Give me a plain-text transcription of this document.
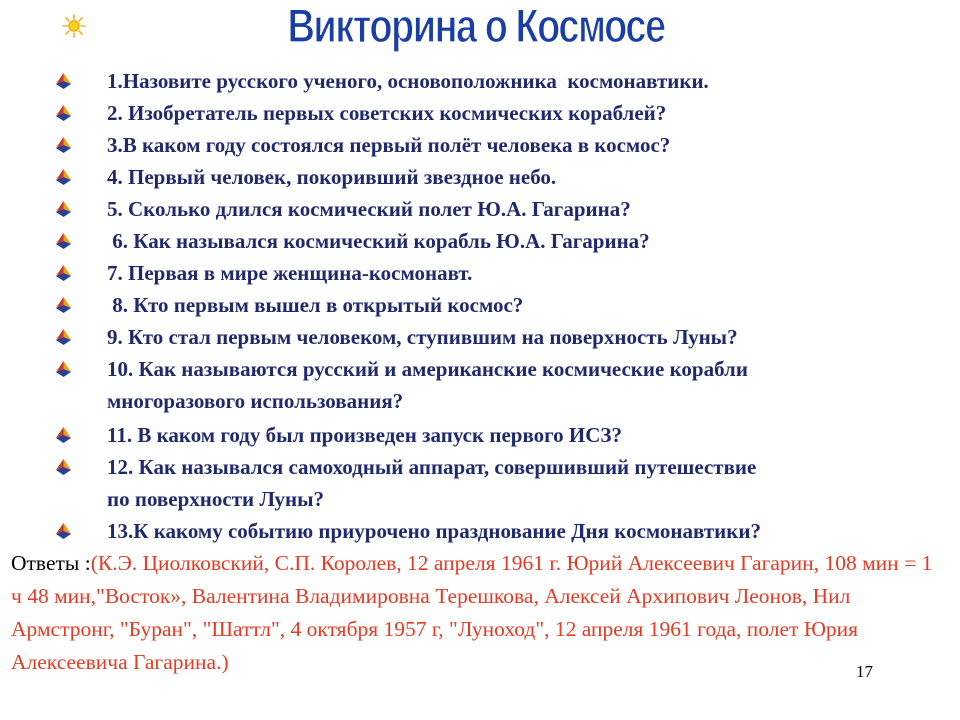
Викторина о Космосе
1.Назовите русского ученого, основоположника  космонавтики.
2. Изобретатель первых советских космических кораблей?
3.В каком году состоялся первый полёт человека в космос?
4. Первый человек, покоривший звездное небо.
5. Сколько длился космический полет Ю.А. Гагарина?
6. Как назывался космический корабль Ю.А. Гагарина?
7. Первая в мире женщина-космонавт.
8. Кто первым вышел в открытый космос?
9. Кто стал первым человеком, ступившим на поверхность Луны?
10. Как называются русский и американские космические корабли
многоразового использования?
11. В каком году был произведен запуск первого ИСЗ?
12. Как назывался самоходный аппарат, совершивший путешествие
по поверхности Луны?
13.К какому событию приурочено празднование Дня космонавтики?
Ответы :(К.Э. Циолковский, С.П. Королев, 12 апреля 1961 г. Юрий Алексеевич Гагарин, 108 мин = 1 ч 48 мин,"Восток», Валентина Владимировна Терешкова, Алексей Архипович Леонов, Нил Армстронг, "Буран", "Шаттл", 4 октября 1957 г, "Луноход", 12 апреля 1961 года, полет Юрия Алексеевича Гагарина.)	17
